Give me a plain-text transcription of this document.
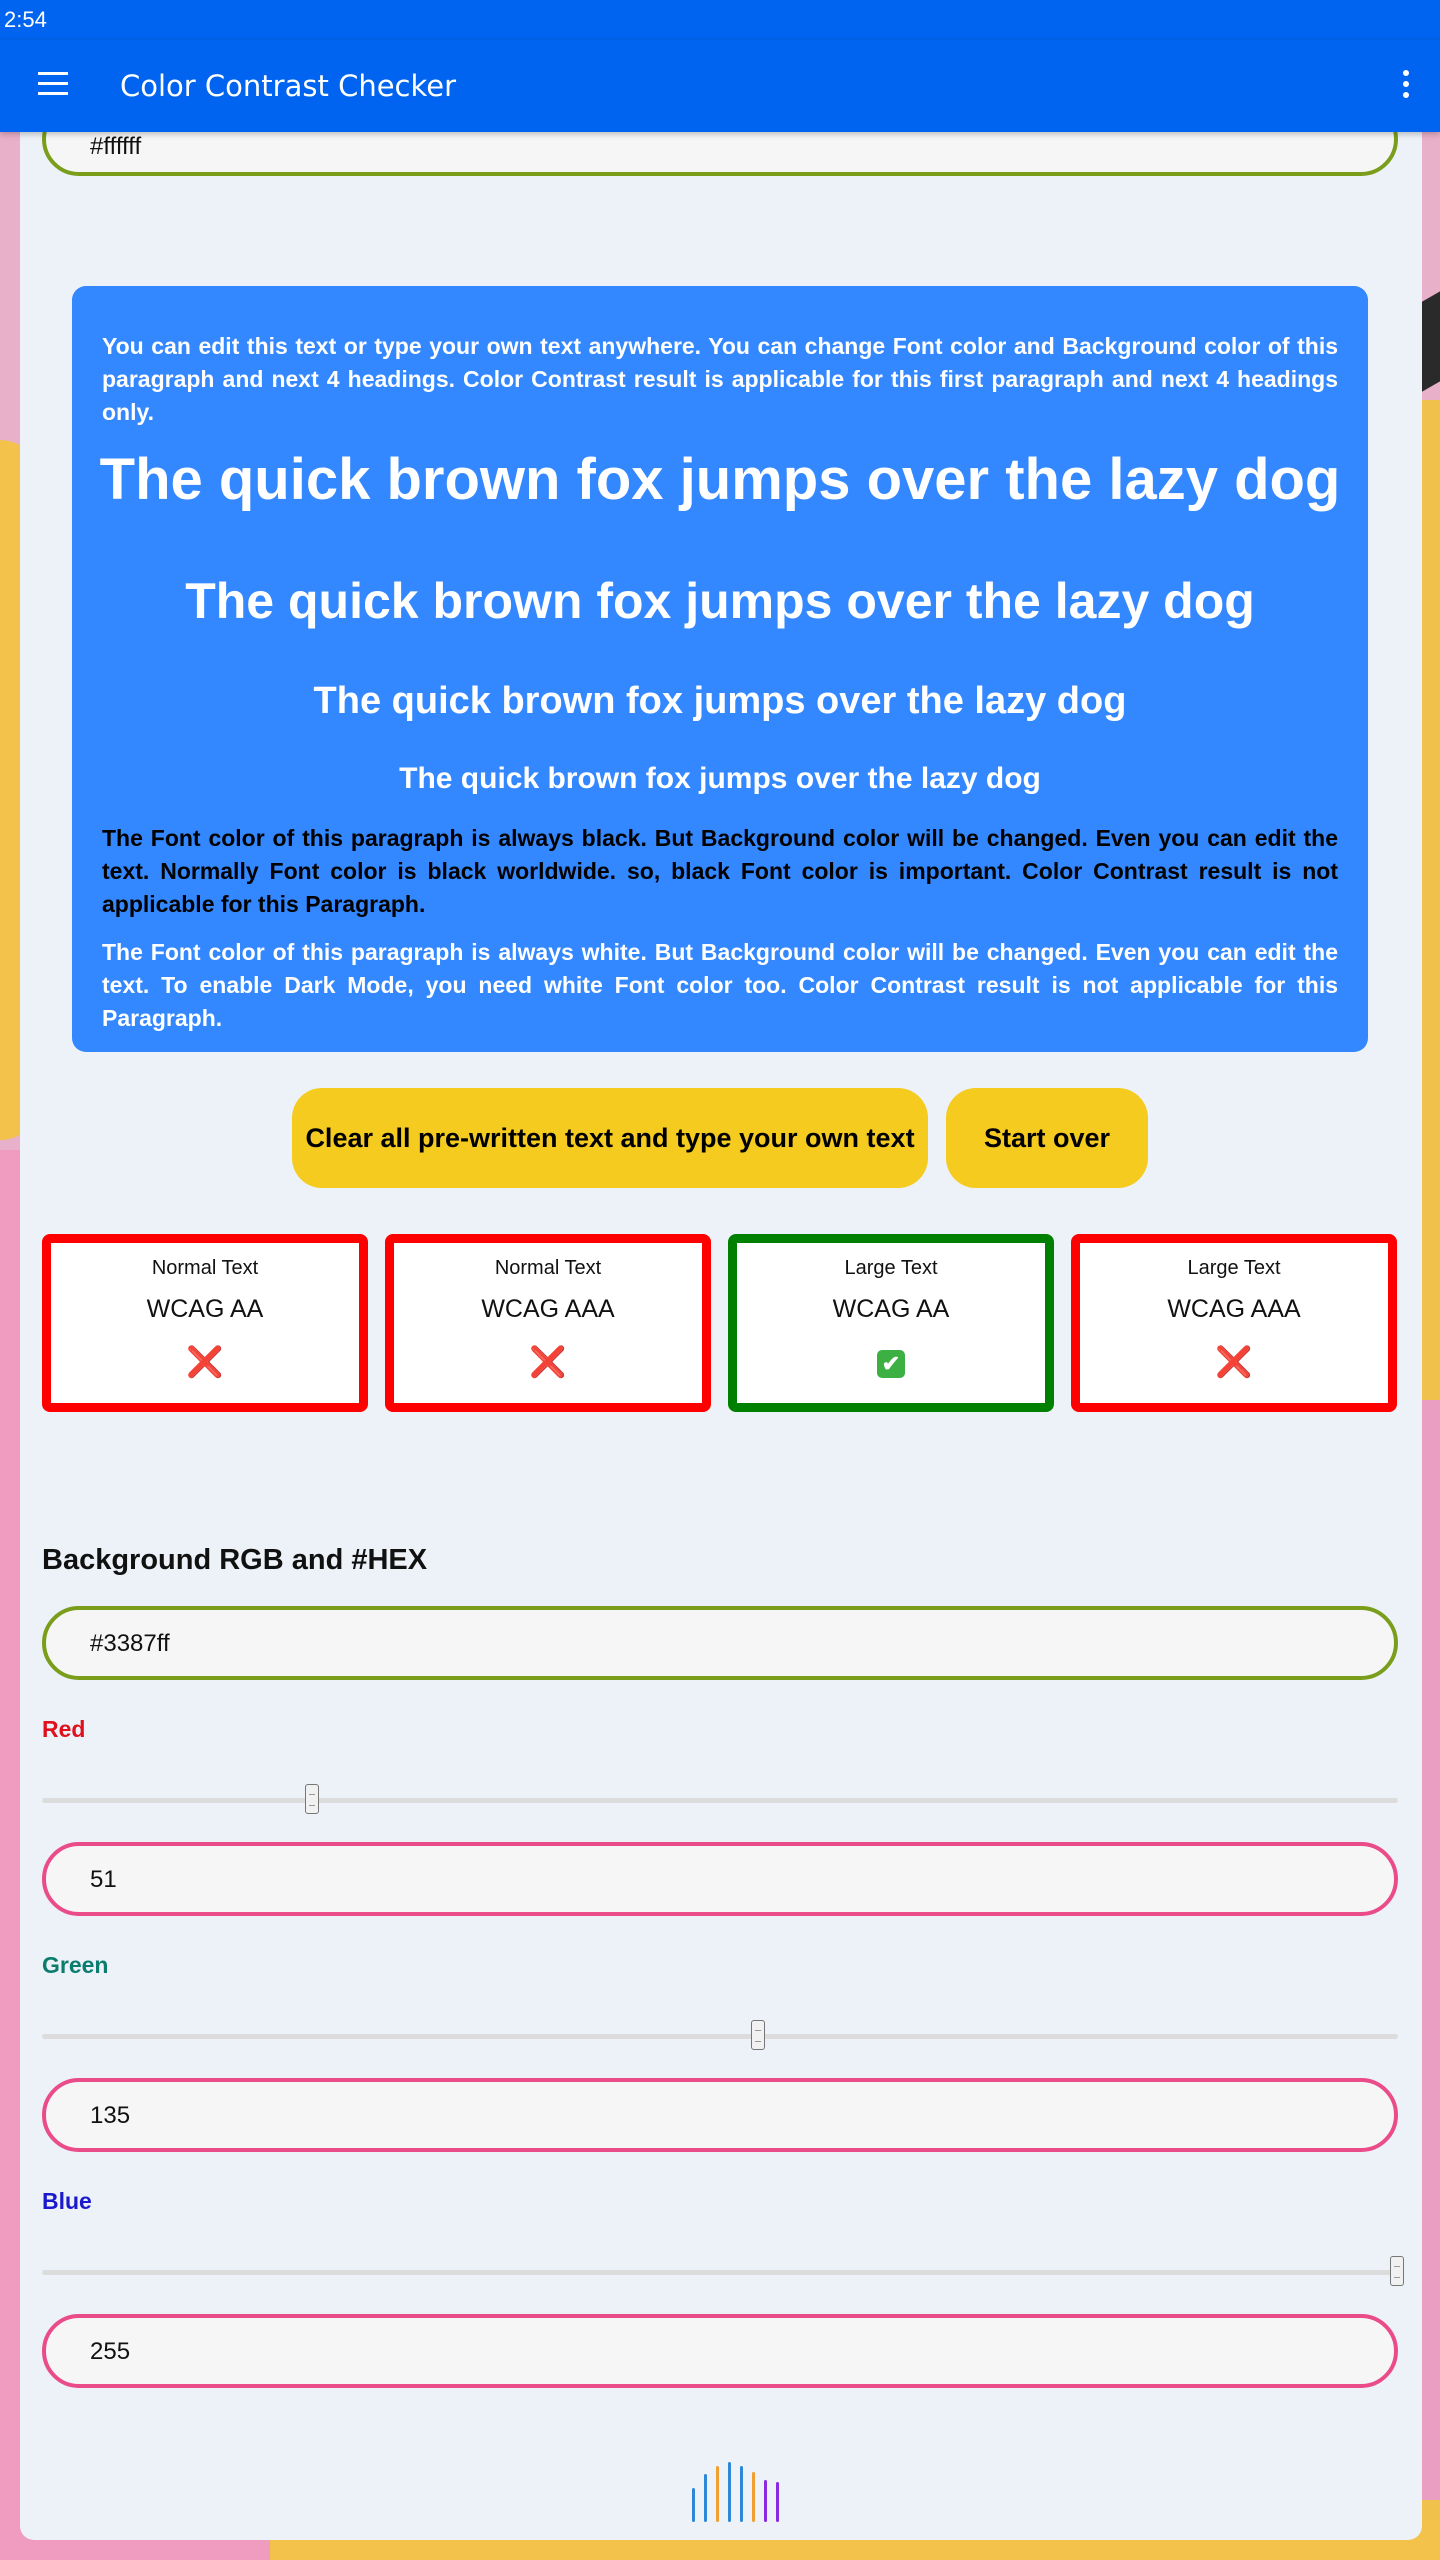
2:54
Color Contrast Checker
#ffffff
You can edit this text or type your own text anywhere. You can change Font color and Background color of this paragraph and next 4 headings. Color Contrast result is applicable for this first paragraph and next 4 headings only.
The quick brown fox jumps over the lazy dog
The quick brown fox jumps over the lazy dog
The quick brown fox jumps over the lazy dog
The quick brown fox jumps over the lazy dog
The Font color of this paragraph is always black. But Background color will be changed. Even you can edit the text. Normally Font color is black worldwide. so, black Font color is important. Color Contrast result is not applicable for this Paragraph.
The Font color of this paragraph is always white. But Background color will be changed. Even you can edit the text. To enable Dark Mode, you need white Font color too. Color Contrast result is not applicable for this Paragraph.
Clear all pre-written text and type your own text	Start over
Normal Text
WCAG AA
❌
Normal Text
WCAG AAA
❌
Large Text
WCAG AA
✔
Large Text
WCAG AAA
❌
Background RGB and #HEX
#3387ff
Red
51
Green
135
Blue
255
